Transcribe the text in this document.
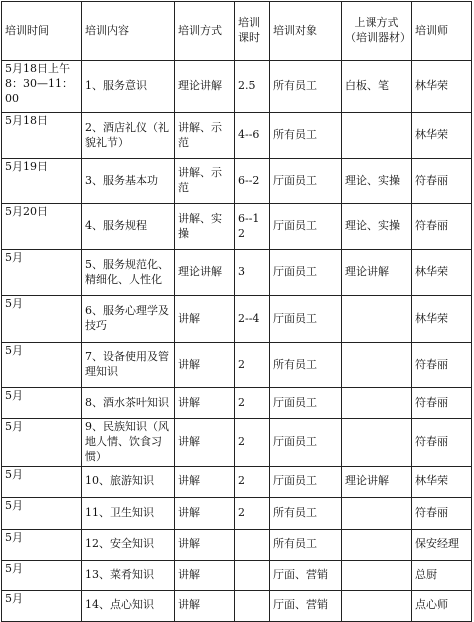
培训时间	培训内容	培训方式	培训课时	培训对象	上课方式（培训器材）	培训师
5月18日上午 8：30—11：00	1、服务意识	理论讲解	2.5	所有员工	白板、笔	林华荣
5月18日	2、酒店礼仪（礼貌礼节）	讲解、示范	4--6	所有员工		林华荣
5月19日	3、服务基本功	讲解、示范	6--2	厅面员工	理论、实操	符春丽
5月20日	4、服务规程	讲解、实操	6--12	厅面员工	理论、实操	符春丽
5月	5、服务规范化、精细化、人性化	理论讲解	3	厅面员工	理论讲解	林华荣
5月	6、服务心理学及技巧	讲解	2--4	厅面员工		林华荣
5月	7、设备使用及管理知识	讲解	2	所有员工		符春丽
5月	8、酒水茶叶知识	讲解	2	厅面员工		符春丽
5月	9、民族知识（风地人情、饮食习惯）	讲解	2	厅面员工		符春丽
5月	10、旅游知识	讲解	2	厅面员工	理论讲解	林华荣
5月	11、卫生知识	讲解	2	所有员工		符春丽
5月	12、安全知识	讲解		所有员工		保安经理
5月	13、菜肴知识	讲解		厅面、营销		总厨
5月	14、点心知识	讲解		厅面、营销		点心师
